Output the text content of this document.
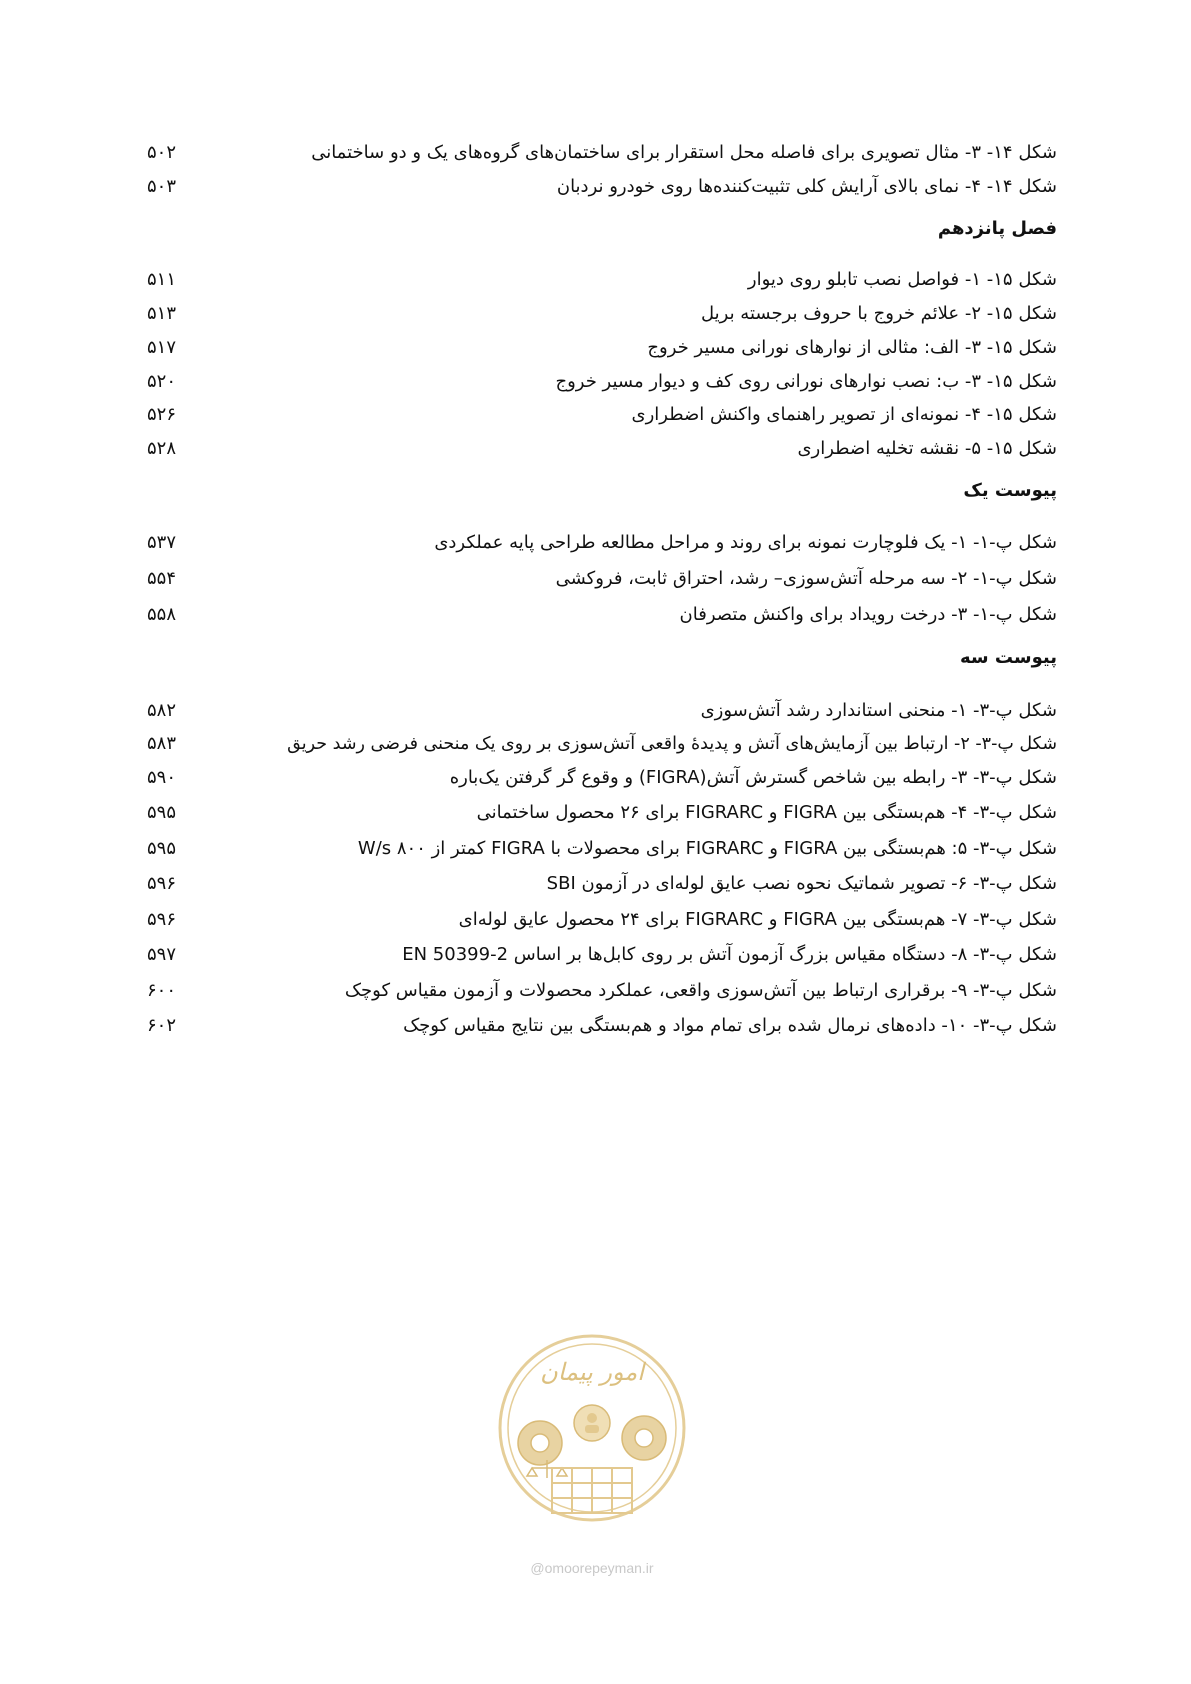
شکل ۱۴- ۳- مثال تصویری برای فاصله محل استقرار برای ساختمان‌های گروه‌های یک و دو ساختمانی
۵۰۲
شکل ۱۴- ۴- نمای بالای آرایش کلی تثبیت‌کننده‌ها روی خودرو نردبان
۵۰۳
فصل پانزدهم
شکل ۱۵- ۱- فواصل نصب تابلو روی دیوار
۵۱۱
شکل ۱۵- ۲- علائم خروج با حروف برجسته بریل
۵۱۳
شکل ۱۵- ۳- الف: مثالی از نوارهای نورانی مسیر خروج
۵۱۷
شکل ۱۵- ۳- ب: نصب نوارهای نورانی روی کف و دیوار مسیر خروج
۵۲۰
شکل ۱۵- ۴- نمونه‌ای از تصویر راهنمای واکنش اضطراری
۵۲۶
شکل ۱۵- ۵- نقشه تخلیه اضطراری
۵۲۸
پیوست یک
شکل پ-۱- ۱- یک فلوچارت نمونه برای روند و مراحل مطالعه طراحی پایه عملکردی
۵۳۷
شکل پ-۱- ۲- سه مرحله آتش‌سوزی– رشد، احتراق ثابت، فروکشی
۵۵۴
شکل پ-۱- ۳- درخت رویداد برای واکنش متصرفان
۵۵۸
پیوست سه
شکل پ-۳- ۱- منحنی استاندارد رشد آتش‌سوزی
۵۸۲
شکل پ-۳- ۲- ارتباط بین آزمایش‌های آتش و پدیدهٔ واقعی آتش‌سوزی بر روی یک منحنی فرضی رشد حریق
۵۸۳
شکل پ-۳- ۳- رابطه بین شاخص گسترش آتش(FIGRA) و وقوع گر گرفتن یک‌باره
۵۹۰
شکل پ-۳- ۴- هم‌بستگی بین FIGRA و FIGRARC برای ۲۶ محصول ساختمانی
۵۹۵
شکل پ-۳- ۵: هم‌بستگی بین FIGRA و FIGRARC برای محصولات با FIGRA کمتر از W/s ۸۰۰
۵۹۵
شکل پ-۳- ۶- تصویر شماتیک نحوه نصب عایق لوله‌ای در آزمون SBI
۵۹۶
شکل پ-۳- ۷- هم‌بستگی بین FIGRA و FIGRARC برای ۲۴ محصول عایق لوله‌ای
۵۹۶
شکل پ-۳- ۸- دستگاه مقیاس بزرگ آزمون آتش بر روی کابل‌ها بر اساس EN 50399-2
۵۹۷
شکل پ-۳- ۹- برقراری ارتباط بین آتش‌سوزی واقعی، عملکرد محصولات و آزمون مقیاس کوچک
۶۰۰
شکل پ-۳- ۱۰- داده‌های نرمال شده برای تمام مواد و هم‌بستگی بین نتایج مقیاس کوچک
۶۰۲
امور پیمان
@omoorepeyman.ir
